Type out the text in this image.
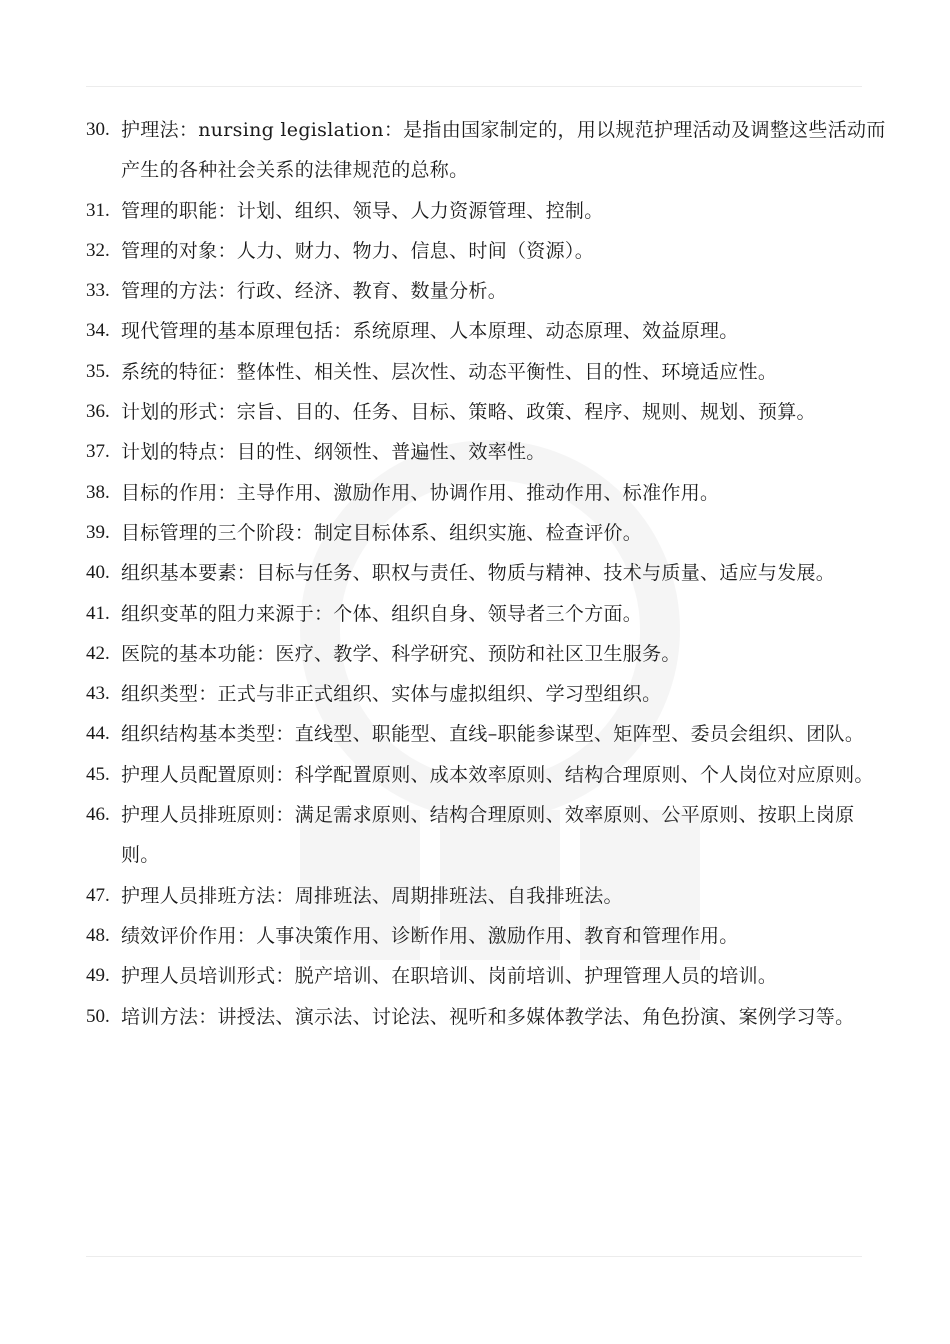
30. 护理法：nursing legislation：是指由国家制定的，用以规范护理活动及调整这些活动而产生的各种社会关系的法律规范的总称。
31. 管理的职能：计划、组织、领导、人力资源管理、控制。
32. 管理的对象：人力、财力、物力、信息、时间（资源）。
33. 管理的方法：行政、经济、教育、数量分析。
34. 现代管理的基本原理包括：系统原理、人本原理、动态原理、效益原理。
35. 系统的特征：整体性、相关性、层次性、动态平衡性、目的性、环境适应性。
36. 计划的形式：宗旨、目的、任务、目标、策略、政策、程序、规则、规划、预算。
37. 计划的特点：目的性、纲领性、普遍性、效率性。
38. 目标的作用：主导作用、激励作用、协调作用、推动作用、标准作用。
39. 目标管理的三个阶段：制定目标体系、组织实施、检查评价。
40. 组织基本要素：目标与任务、职权与责任、物质与精神、技术与质量、适应与发展。
41. 组织变革的阻力来源于：个体、组织自身、领导者三个方面。
42. 医院的基本功能：医疗、教学、科学研究、预防和社区卫生服务。
43. 组织类型：正式与非正式组织、实体与虚拟组织、学习型组织。
44. 组织结构基本类型：直线型、职能型、直线–职能参谋型、矩阵型、委员会组织、团队。
45. 护理人员配置原则：科学配置原则、成本效率原则、结构合理原则、个人岗位对应原则。
46. 护理人员排班原则：满足需求原则、结构合理原则、效率原则、公平原则、按职上岗原则。
47. 护理人员排班方法：周排班法、周期排班法、自我排班法。
48. 绩效评价作用：人事决策作用、诊断作用、激励作用、教育和管理作用。
49. 护理人员培训形式：脱产培训、在职培训、岗前培训、护理管理人员的培训。
50. 培训方法：讲授法、演示法、讨论法、视听和多媒体教学法、角色扮演、案例学习等。
